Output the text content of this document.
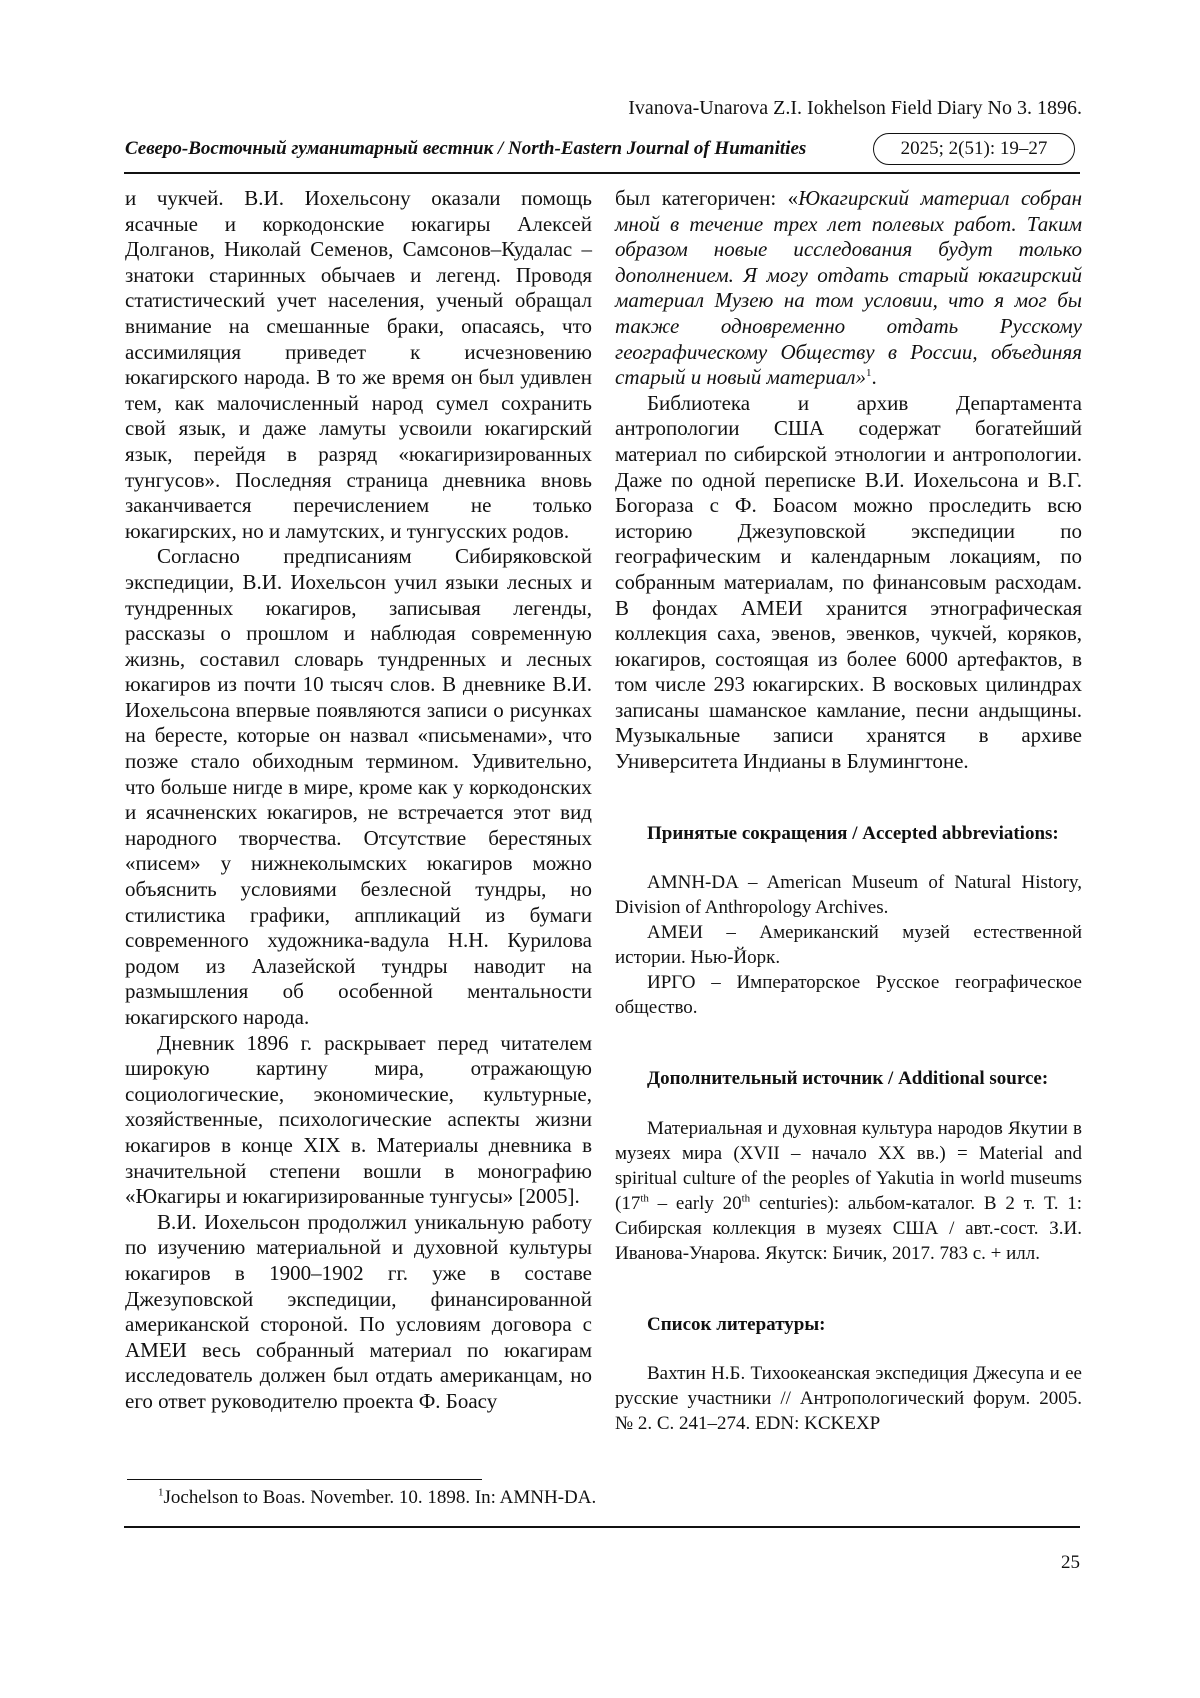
Ivanova-Unarova Z.I. Iokhelson Field Diary No 3. 1896.
Северо-Восточный гуманитарный вестник / North-Eastern Journal of Humanities	2025; 2(51): 19–27

и чукчей. В.И. Иохельсону оказали помощь ясачные и коркодонские юкагиры Алексей Долганов, Николай Семенов, Самсонов–Кудалас – знатоки старинных обычаев и легенд. Проводя статистический учет населения, ученый обращал внимание на смешанные браки, опасаясь, что ассимиляция приведет к исчезновению юкагирского народа. В то же время он был удивлен тем, как малочисленный народ сумел сохранить свой язык, и даже ламуты усвоили юкагирский язык, перейдя в разряд «юкагиризированных тунгусов». Последняя страница дневника вновь заканчивается перечислением не только юкагирских, но и ламутских, и тунгусских родов.

Согласно предписаниям Сибиряковской экспедиции, В.И. Иохельсон учил языки лесных и тундренных юкагиров, записывая легенды, рассказы о прошлом и наблюдая современную жизнь, составил словарь тундренных и лесных юкагиров из почти 10 тысяч слов. В дневнике В.И. Иохельсона впервые появляются записи о рисунках на бересте, которые он назвал «письменами», что позже стало обиходным термином. Удивительно, что больше нигде в мире, кроме как у коркодонских и ясачненских юкагиров, не встречается этот вид народного творчества. Отсутствие берестяных «писем» у нижнеколымских юкагиров можно объяснить условиями безлесной тундры, но стилистика графики, аппликаций из бумаги современного художника-вадула Н.Н. Курилова родом из Алазейской тундры наводит на размышления об особенной ментальности юкагирского народа.

Дневник 1896 г. раскрывает перед читателем широкую картину мира, отражающую социологические, экономические, культурные, хозяйственные, психологические аспекты жизни юкагиров в конце XIX в. Материалы дневника в значительной степени вошли в монографию «Юкагиры и юкагиризированные тунгусы» [2005].

В.И. Иохельсон продолжил уникальную работу по изучению материальной и духовной культуры юкагиров в 1900–1902 гг. уже в составе Джезуповской экспедиции, финансированной американской стороной. По условиям договора с АМЕИ весь собранный материал по юкагирам исследователь должен был отдать американцам, но его ответ руководителю проекта Ф. Боасу

был категоричен: «Юкагирский материал собран мной в течение трех лет полевых работ. Таким образом новые исследования будут только дополнением. Я могу отдать старый юкагирский материал Музею на том условии, что я мог бы также одновременно отдать Русскому географическому Обществу в России, объединяя старый и новый материал»$^1$.

Библиотека и архив Департамента антропологии США содержат богатейший материал по сибирской этнологии и антропологии. Даже по одной переписке В.И. Иохельсона и В.Г. Богораза с Ф. Боасом можно проследить всю историю Джезуповской экспедиции по географическим и календарным локациям, по собранным материалам, по финансовым расходам. В фондах АМЕИ хранится этнографическая коллекция саха, эвенов, эвенков, чукчей, коряков, юкагиров, состоящая из более 6000 артефактов, в том числе 293 юкагирских. В восковых цилиндрах записаны шаманское камлание, песни андыщины. Музыкальные записи хранятся в архиве Университета Индианы в Блумингтоне.

Принятые сокращения / Accepted abbreviations:

AMNH-DA – American Museum of Natural History, Division of Anthropology Archives.

АМЕИ – Американский музей естественной истории. Нью-Йорк.

ИРГО – Императорское Русское географическое общество.

Дополнительный источник / Additional source:

Материальная и духовная культура народов Якутии в музеях мира (XVII – начало XX вв.) = Material and spiritual culture of the peoples of Yakutia in world museums (17th – early 20th centuries): альбом-каталог. В 2 т. Т. 1: Сибирская коллекция в музеях США / авт.-сост. З.И. Иванова-Унарова. Якутск: Бичик, 2017. 783 с. + илл.

Список литературы:

Вахтин Н.Б. Тихоокеанская экспедиция Джесупа и ее русские участники // Антропологический форум. 2005. № 2. С. 241–274. EDN: KCKEXP

$^1$Jochelson to Boas. November. 10. 1898. In: AMNH-DA.
25
